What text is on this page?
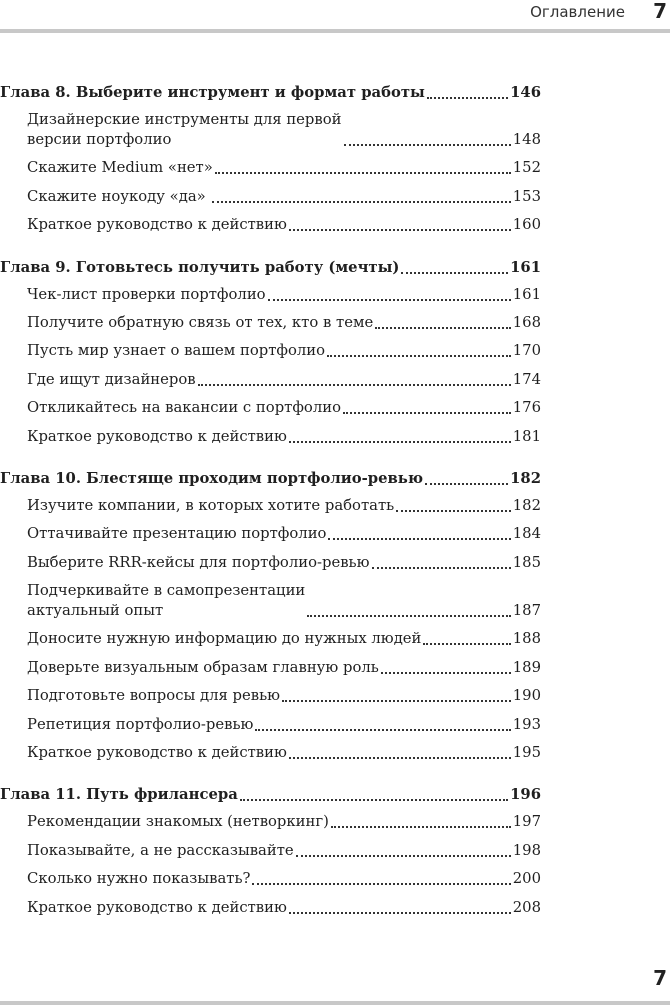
Оглавление 7
Глава 8. Выберите инструмент и формат работы	146
Дизайнерские инструменты для первой
версии портфолио	148
Скажите Medium «нет»	152
Скажите ноукоду «да»	153
Краткое руководство к действию	160
Глава 9. Готовьтесь получить работу (мечты)	161
Чек-лист проверки портфолио	161
Получите обратную связь от тех, кто в теме	168
Пусть мир узнает о вашем портфолио	170
Где ищут дизайнеров	174
Откликайтесь на вакансии с портфолио	176
Краткое руководство к действию	181
Глава 10. Блестяще проходим портфолио-ревью	182
Изучите компании, в которых хотите работать	182
Оттачивайте презентацию портфолио	184
Выберите RRR-кейсы для портфолио-ревью	185
Подчеркивайте в самопрезентации
актуальный опыт	187
Доносите нужную информацию до нужных людей	188
Доверьте визуальным образам главную роль	189
Подготовьте вопросы для ревью	190
Репетиция портфолио-ревью	193
Краткое руководство к действию	195
Глава 11. Путь фрилансера	196
Рекомендации знакомых (нетворкинг)	197
Показывайте, а не рассказывайте	198
Сколько нужно показывать?	200
Краткое руководство к действию	208
7
